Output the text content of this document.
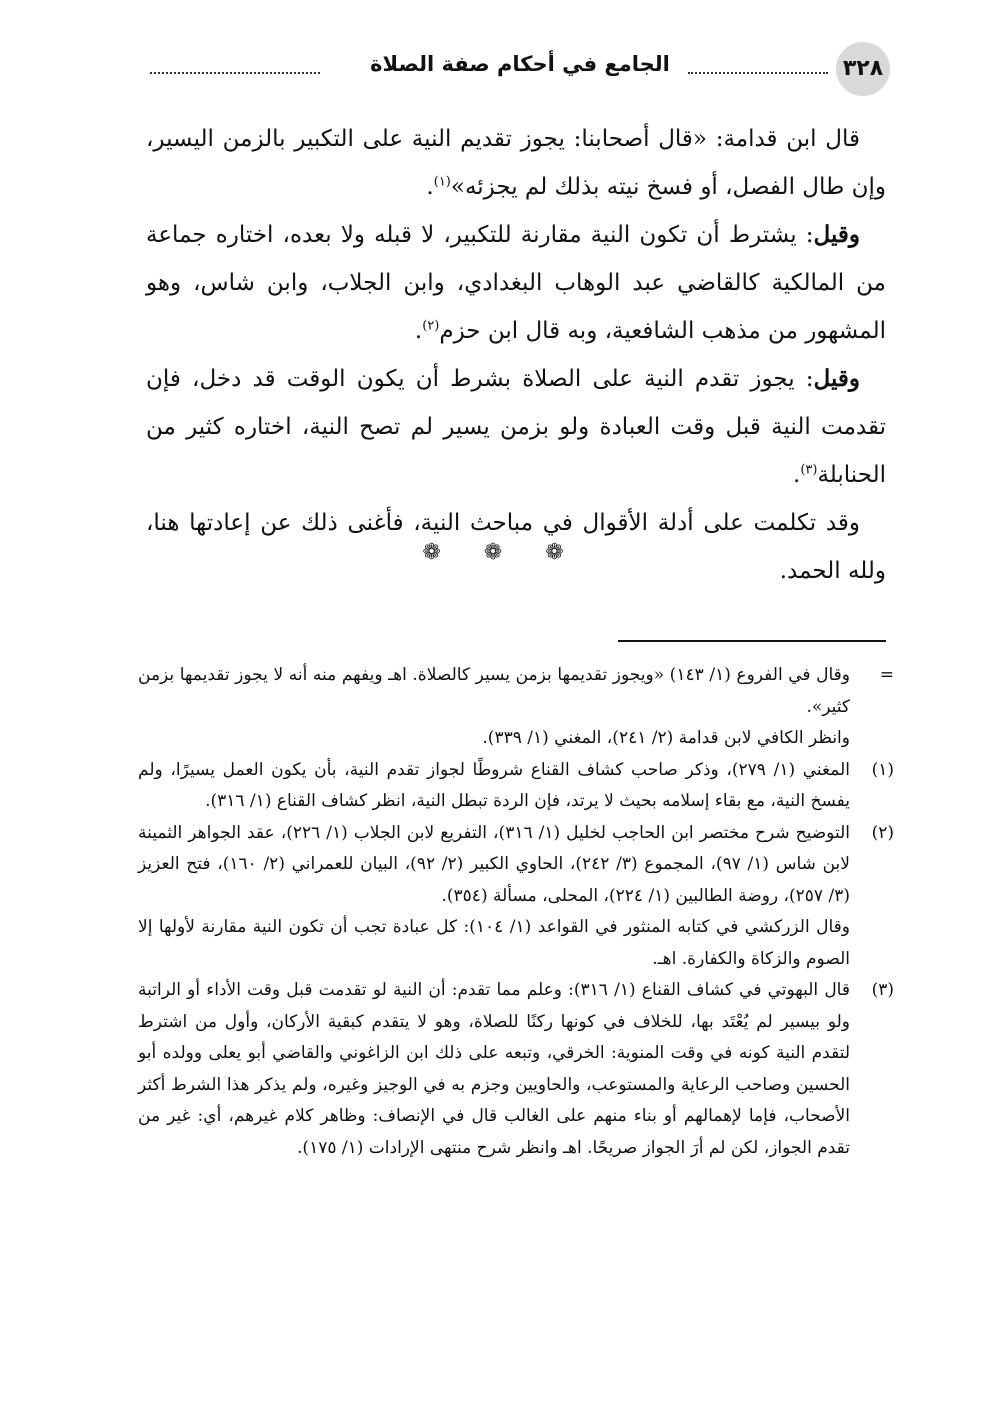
٣٢٨
الجامع في أحكام صفة الصلاة

قال ابن قدامة: «قال أصحابنا: يجوز تقديم النية على التكبير بالزمن اليسير، وإن طال الفصل، أو فسخ نيته بذلك لم يجزئه»$^{(١)}$.

وقيل: يشترط أن تكون النية مقارنة للتكبير، لا قبله ولا بعده، اختاره جماعة من المالكية كالقاضي عبد الوهاب البغدادي، وابن الجلاب، وابن شاس، وهو المشهور من مذهب الشافعية، وبه قال ابن حزم$^{(٢)}$.

وقيل: يجوز تقدم النية على الصلاة بشرط أن يكون الوقت قد دخل، فإن تقدمت النية قبل وقت العبادة ولو بزمن يسير لم تصح النية، اختاره كثير من الحنابلة$^{(٣)}$.

وقد تكلمت على أدلة الأقوال في مباحث النية، فأغنى ذلك عن إعادتها هنا، ولله الحمد.

❁ ❁ ❁
=

وقال في الفروع (١/ ١٤٣) «ويجوز تقديمها بزمن يسير كالصلاة. اهـ ويفهم منه أنه لا يجوز تقديمها بزمن كثير».

وانظر الكافي لابن قدامة (٢/ ٢٤١)، المغني (١/ ٣٣٩).

(١)

المغني (١/ ٢٧٩)، وذكر صاحب كشاف القناع شروطًا لجواز تقدم النية، بأن يكون العمل يسيرًا، ولم يفسخ النية، مع بقاء إسلامه بحيث لا يرتد، فإن الردة تبطل النية، انظر كشاف القناع (١/ ٣١٦).

(٢)

التوضيح شرح مختصر ابن الحاجب لخليل (١/ ٣١٦)، التفريع لابن الجلاب (١/ ٢٢٦)، عقد الجواهر الثمينة لابن شاس (١/ ٩٧)، المجموع (٣/ ٢٤٢)، الحاوي الكبير (٢/ ٩٢)، البيان للعمراني (٢/ ١٦٠)، فتح العزيز (٣/ ٢٥٧)، روضة الطالبين (١/ ٢٢٤)، المحلى، مسألة (٣٥٤).

وقال الزركشي في كتابه المنثور في القواعد (١/ ١٠٤): كل عبادة تجب أن تكون النية مقارنة لأولها إلا الصوم والزكاة والكفارة. اهـ.

(٣)

قال البهوتي في كشاف القناع (١/ ٣١٦): وعلم مما تقدم: أن النية لو تقدمت قبل وقت الأداء أو الراتبة ولو بيسير لم يُعْتَد بها، للخلاف في كونها ركنًا للصلاة، وهو لا يتقدم كبقية الأركان، وأول من اشترط لتقدم النية كونه في وقت المنوية: الخرقي، وتبعه على ذلك ابن الزاغوني والقاضي أبو يعلى وولده أبو الحسين وصاحب الرعاية والمستوعب، والحاويين وجزم به في الوجيز وغيره، ولم يذكر هذا الشرط أكثر الأصحاب، فإما لإهمالهم أو بناء منهم على الغالب قال في الإنصاف: وظاهر كلام غيرهم، أي: غير من تقدم الجواز، لكن لم أرَ الجواز صريحًا. اهـ وانظر شرح منتهى الإرادات (١/ ١٧٥).
